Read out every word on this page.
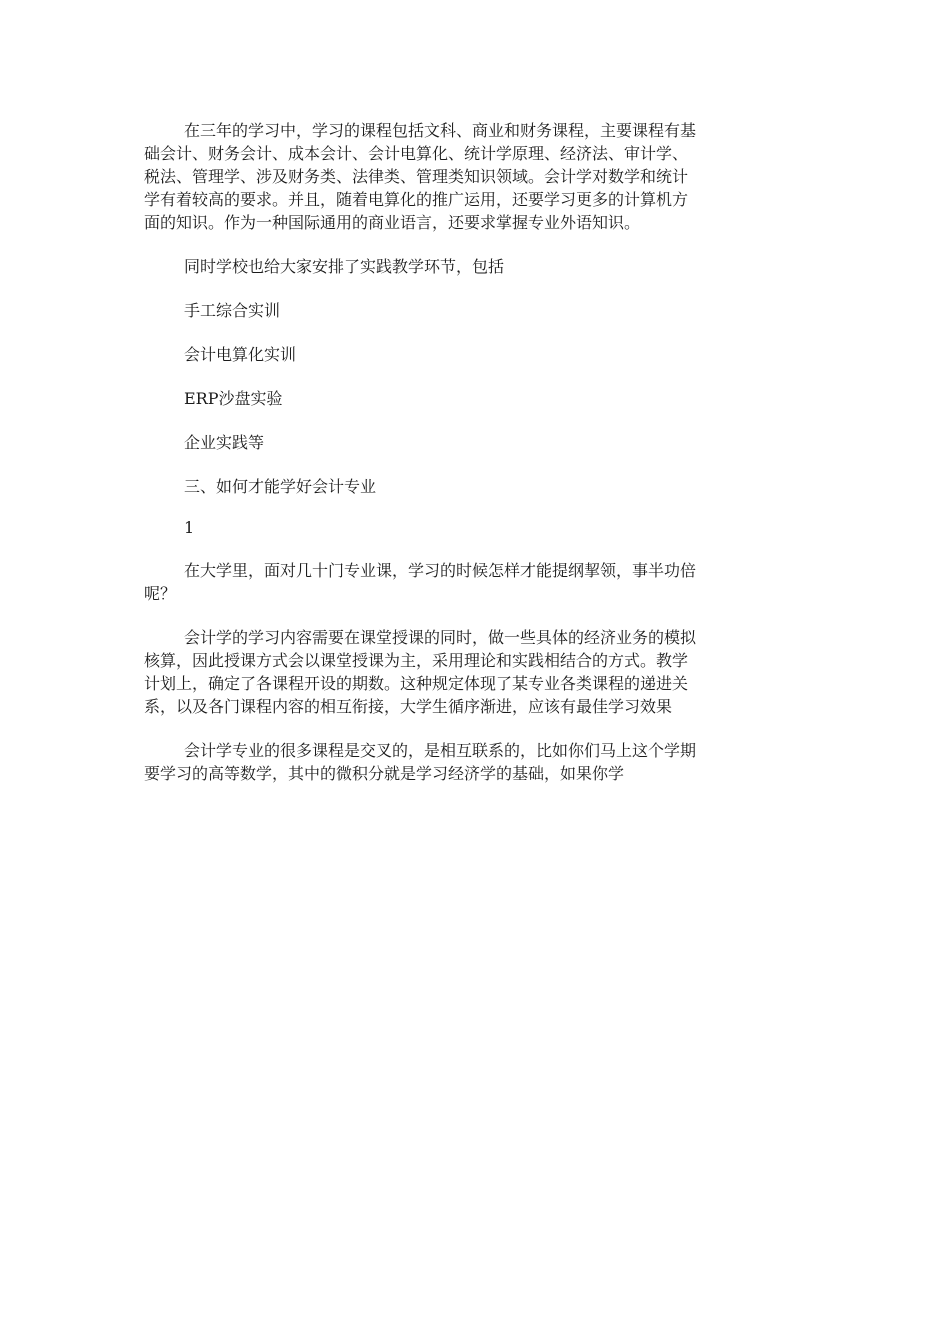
在三年的学习中，学习的课程包括文科、商业和财务课程，主要课程有基
础会计、财务会计、成本会计、会计电算化、统计学原理、经济法、审计学、
税法、管理学、涉及财务类、法律类、管理类知识领域。会计学对数学和统计
学有着较高的要求。并且，随着电算化的推广运用，还要学习更多的计算机方
面的知识。作为一种国际通用的商业语言，还要求掌握专业外语知识。
同时学校也给大家安排了实践教学环节，包括
手工综合实训
会计电算化实训
ERP沙盘实验
企业实践等
三、如何才能学好会计专业
1
在大学里，面对几十门专业课，学习的时候怎样才能提纲挈领，事半功倍
呢？
会计学的学习内容需要在课堂授课的同时，做一些具体的经济业务的模拟
核算，因此授课方式会以课堂授课为主，采用理论和实践相结合的方式。教学
计划上，确定了各课程开设的期数。这种规定体现了某专业各类课程的递进关
系，以及各门课程内容的相互衔接，大学生循序渐进，应该有最佳学习效果
会计学专业的很多课程是交叉的，是相互联系的，比如你们马上这个学期
要学习的高等数学，其中的微积分就是学习经济学的基础，如果你学
